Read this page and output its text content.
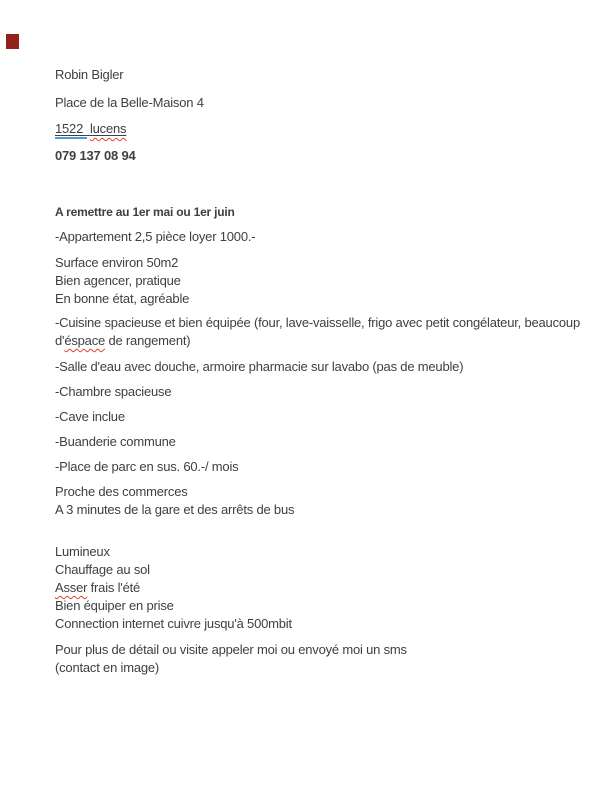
Robin Bigler

Place de la Belle-Maison 4

1522  lucens

079 137 08 94

A remettre au 1er mai ou 1er juin

-Appartement 2,5 pièce loyer 1000.-

Surface environ 50m2
Bien agencer, pratique
En bonne état, agréable

-Cuisine spacieuse et bien équipée (four, lave-vaisselle, frigo avec petit congélateur, beaucoup
d'éspace de rangement)

-Salle d'eau avec douche, armoire pharmacie sur lavabo (pas de meuble)

-Chambre spacieuse

-Cave inclue

-Buanderie commune

-Place de parc en sus. 60.-/ mois

Proche des commerces
A 3 minutes de la gare et des arrêts de bus

Lumineux
Chauffage au sol
Asser frais l'été
Bien équiper en prise
Connection internet cuivre jusqu'à 500mbit

Pour plus de détail ou visite appeler moi ou envoyé moi un sms
(contact en image)
